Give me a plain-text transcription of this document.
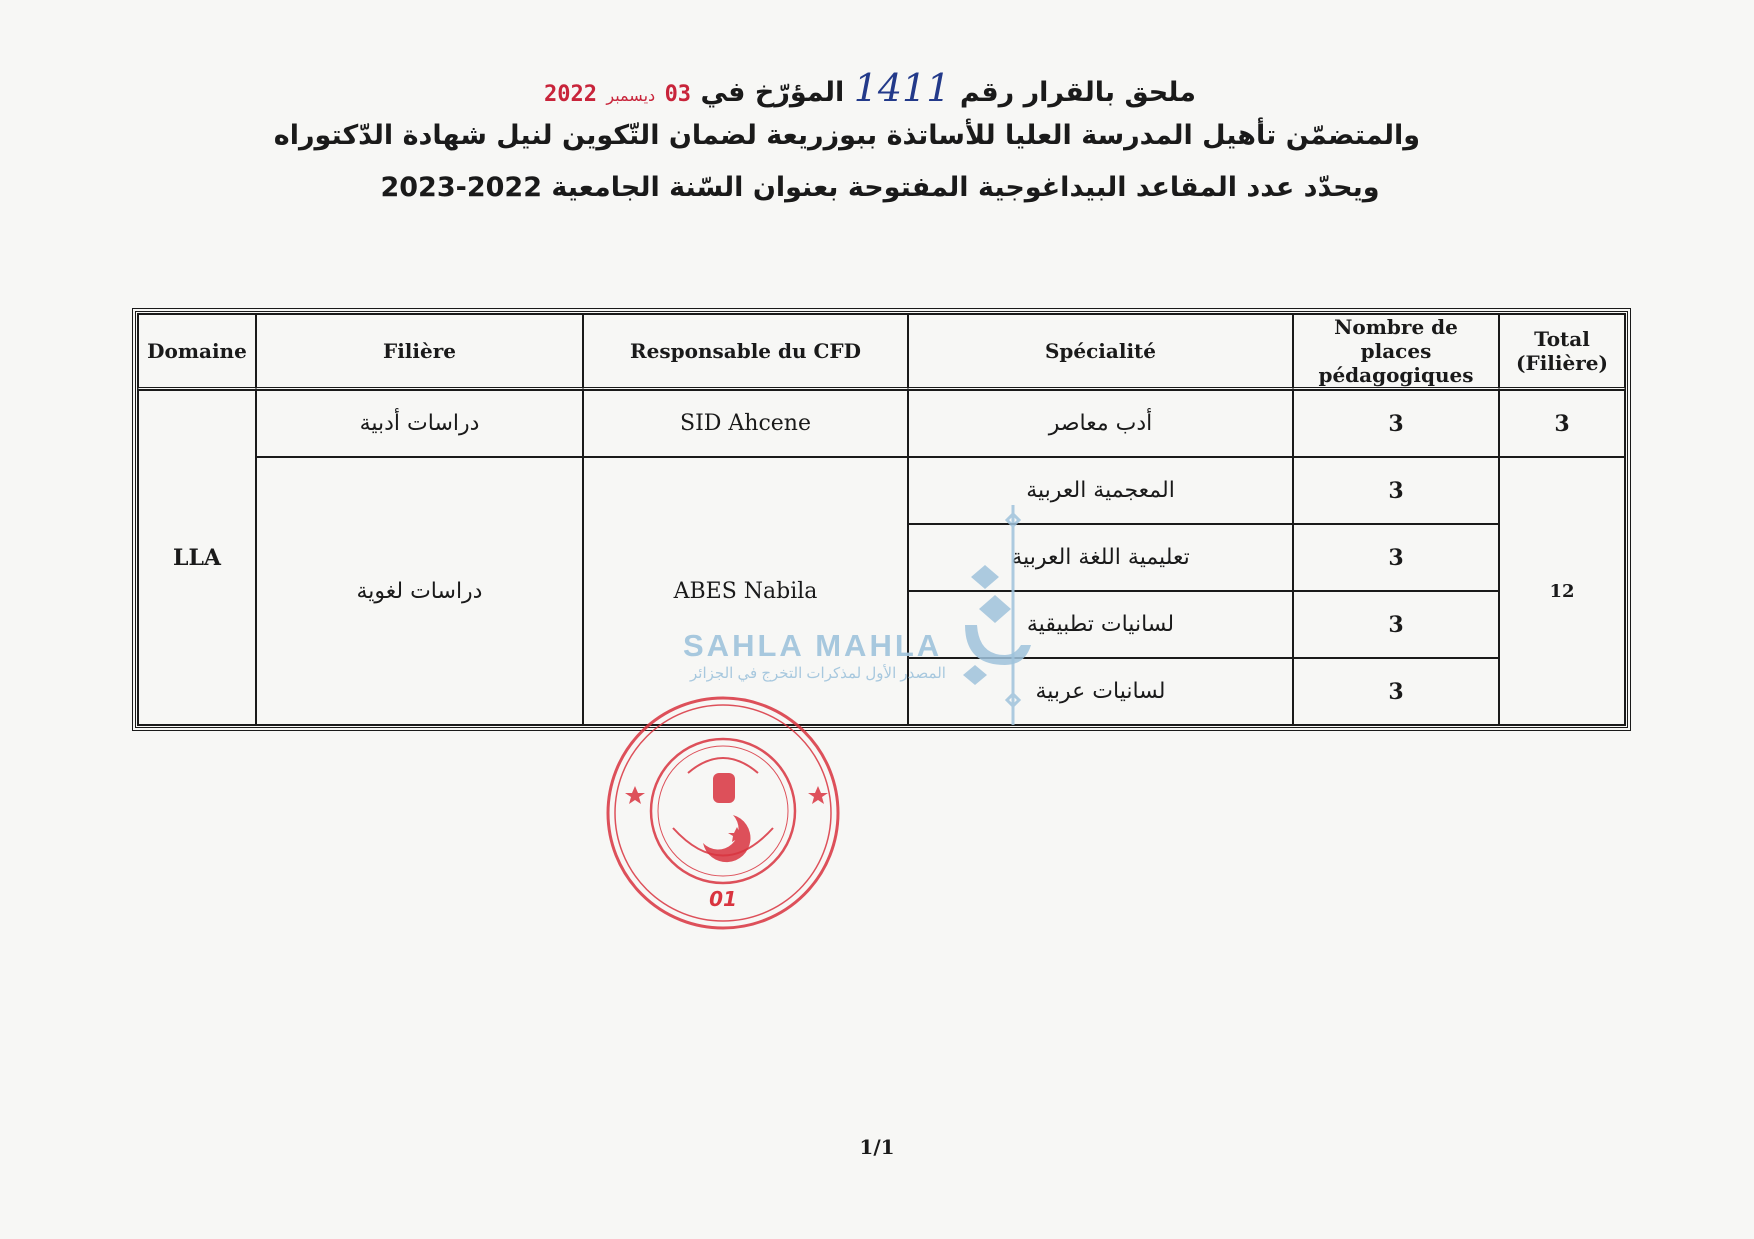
ملحق بالقرار رقم 1411 المؤرّخ في 03 ديسمبر 2022
والمتضمّن تأهيل المدرسة العليا للأساتذة ببوزريعة لضمان التّكوين لنيل شهادة الدّكتوراه
ويحدّد عدد المقاعد البيداغوجية المفتوحة بعنوان السّنة الجامعية 2022-2023
Domaine	Filière	Responsable du CFD	Spécialité	Nombre de places pédagogiques	Total (Filière)
LLA	دراسات أدبية	SID Ahcene	أدب معاصر	3	3
	دراسات لغوية	ABES Nabila	المعجمية العربية	3	12
			تعليمية اللغة العربية	3	
			لسانيات تطبيقية	3	
			لسانيات عربية	3	
SAHLA MAHLA
المصدر الأول لمذكرات التخرج في الجزائر
01
1/1
